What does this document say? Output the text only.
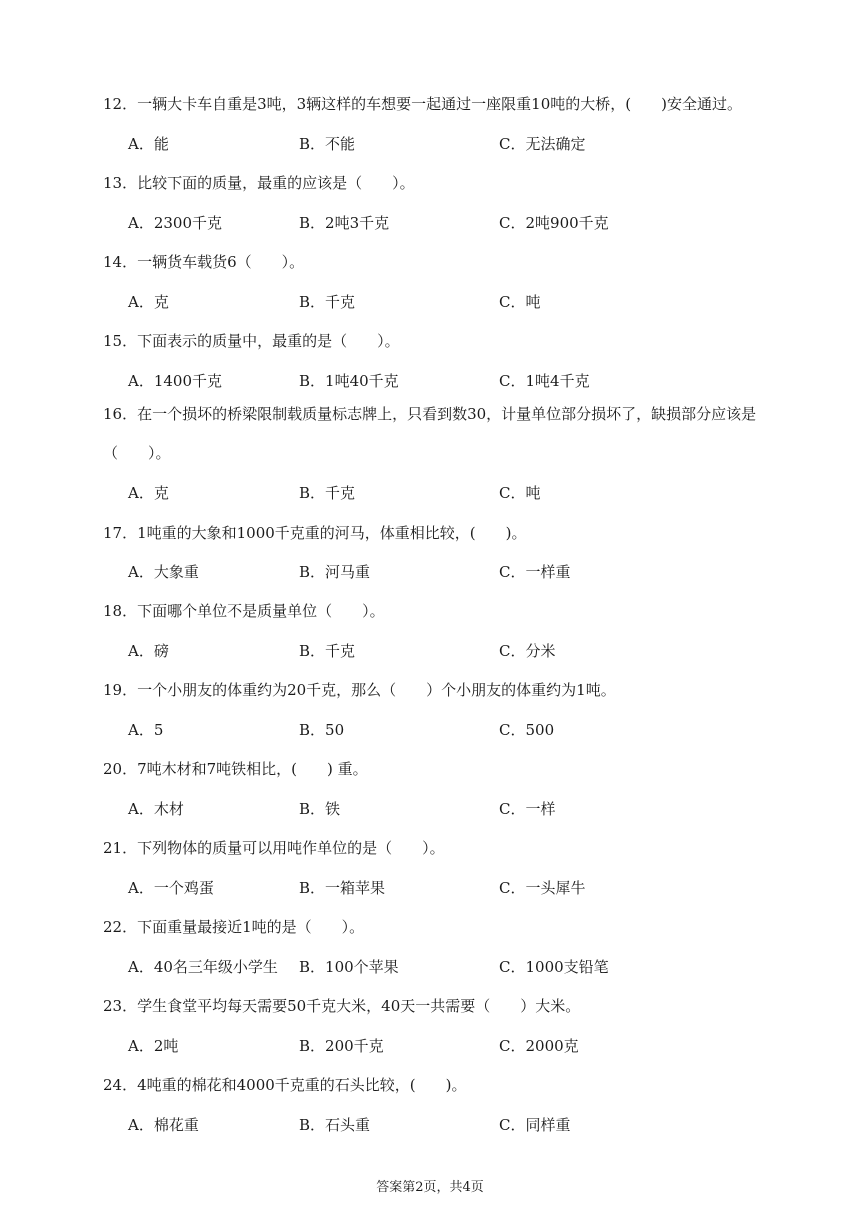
12．一辆大卡车自重是3吨，3辆这样的车想要一起通过一座限重10吨的大桥，(　　)安全通过。
A．能	B．不能	C．无法确定
13．比较下面的质量，最重的应该是（　　）。
A．2300千克	B．2吨3千克	C．2吨900千克
14．一辆货车载货6（　　）。
A．克	B．千克	C．吨
15．下面表示的质量中，最重的是（　　）。
A．1400千克	B．1吨40千克	C．1吨4千克
16．在一个损坏的桥梁限制载质量标志牌上，只看到数30，计量单位部分损坏了，缺损部分应该是（　　）。
A．克	B．千克	C．吨
17．1吨重的大象和1000千克重的河马，体重相比较，(　　)。
A．大象重	B．河马重	C．一样重
18．下面哪个单位不是质量单位（　　）。
A．磅	B．千克	C．分米
19．一个小朋友的体重约为20千克，那么（　　）个小朋友的体重约为1吨。
A．5	B．50	C．500
20．7吨木材和7吨铁相比，(　　) 重。
A．木材	B．铁	C．一样
21．下列物体的质量可以用吨作单位的是（　　）。
A．一个鸡蛋	B．一箱苹果	C．一头犀牛
22．下面重量最接近1吨的是（　　）。
A．40名三年级小学生 B．100个苹果	C．1000支铅笔
23．学生食堂平均每天需要50千克大米，40天一共需要（　　）大米。
A．2吨	B．200千克	C．2000克
24．4吨重的棉花和4000千克重的石头比较，(　　)。
A．棉花重	B．石头重	C．同样重
答案第2页，共4页
